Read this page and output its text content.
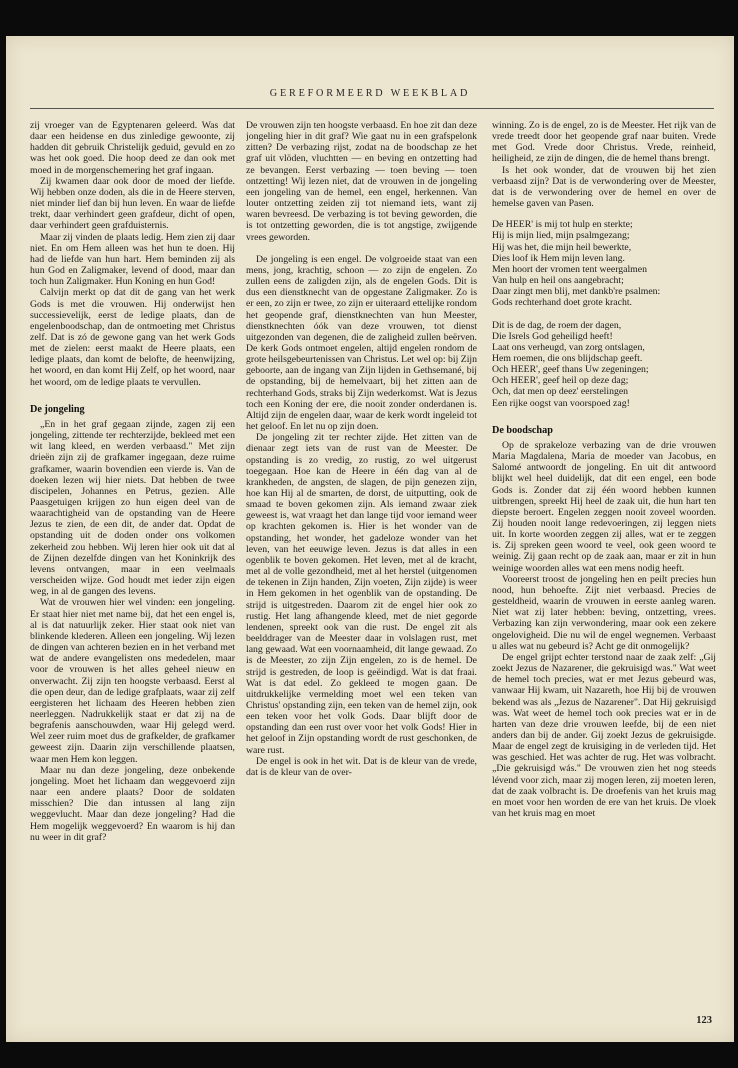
GEREFORMEERD WEEKBLAD

zij vroeger van de Egyptenaren geleerd. Was dat daar een heidense en dus zinledige gewoonte, zij hadden dit gebruik Christelijk geduid, gevuld en zo was het ook goed. Die hoop deed ze dan ook met moed in de morgenschemering het graf ingaan.

Zij kwamen daar ook door de moed der liefde. Wij hebben onze doden, als die in de Heere sterven, niet minder lief dan bij hun leven. En waar de liefde trekt, daar verhindert geen grafdeur, dicht of open, daar verhindert geen grafduisternis.

Maar zij vinden de plaats ledig. Hem zien zij daar niet. En om Hem alleen was het hun te doen. Hij had de liefde van hun hart. Hem beminden zij als hun God en Zaligmaker, levend of dood, maar dan toch hun Zaligmaker. Hun Koning en hun God!

Calvijn merkt op dat dit de gang van het werk Gods is met die vrouwen. Hij onderwijst hen successievelijk, eerst de ledige plaats, dan de engelenboodschap, dan de ontmoeting met Christus zelf. Dat is zó de gewone gang van het werk Gods met de zielen: eerst maakt de Heere plaats, een ledige plaats, dan komt de belofte, de heenwijzing, het woord, en dan komt Hij Zelf, op het woord, naar het woord, om de ledige plaats te vervullen.

De jongeling

„En in het graf gegaan zijnde, zagen zij een jongeling, zittende ter rechterzijde, bekleed met een wit lang kleed, en werden verbaasd." Met zijn drieën zijn zij de grafkamer ingegaan, deze ruime grafkamer, waarin bovendien een vierde is. Van de doeken lezen wij hier niets. Dat hebben de twee discipelen, Johannes en Petrus, gezien. Alle Paasgetuigen krijgen zo hun eigen deel van de waarachtigheid van de opstanding van de Heere Jezus te zien, de een dit, de ander dat. Opdat de opstanding uit de doden onder ons volkomen zekerheid zou hebben. Wij leren hier ook uit dat al de Zijnen dezelfde dingen van het Koninkrijk des levens ontvangen, maar in een veelmaals verscheiden wijze. God houdt met ieder zijn eigen weg, in al de gangen des levens.

Wat de vrouwen hier wel vinden: een jongeling. Er staat hier niet met name bij, dat het een engel is, al is dat natuurlijk zeker. Hier staat ook niet van blinkende klederen. Alleen een jongeling. Wij lezen de dingen van achteren bezien en in het verband met wat de andere evangelisten ons mededelen, maar voor de vrouwen is het alles geheel nieuw en onverwacht. Zij zijn ten hoogste verbaasd. Eerst al die open deur, dan de ledige grafplaats, waar zij zelf eergisteren het lichaam des Heeren hebben zien neerleggen. Nadrukkelijk staat er dat zij na de begrafenis aanschouwden, waar Hij gelegd werd. Wel zeer ruim moet dus de grafkelder, de grafkamer geweest zijn. Daarin zijn verschillende plaatsen, waar men Hem kon leggen.

Maar nu dan deze jongeling, deze onbekende jongeling. Moet het lichaam dan weggevoerd zijn naar een andere plaats? Door de soldaten misschien? Die dan intussen al lang zijn weggevlucht. Maar dan deze jongeling? Had die Hem mogelijk weggevoerd? En waarom is hij dan nu weer in dit graf?

De vrouwen zijn ten hoogste verbaasd. En hoe zit dan deze jongeling hier in dit graf? Wie gaat nu in een grafspelonk zitten? De verbazing rijst, zodat na de boodschap ze het graf uit vlöden, vluchtten — en beving en ontzetting had ze bevangen. Eerst verbazing — toen beving — toen ontzetting! Wij lezen niet, dat de vrouwen in de jongeling een jongeling van de hemel, een engel, herkennen. Van louter ontzetting zeiden zij tot niemand iets, want zij waren bevreesd. De verbazing is tot beving geworden, die is tot ontzetting geworden, die is tot angstige, zwijgende vrees geworden.

De jongeling is een engel. De volgroeide staat van een mens, jong, krachtig, schoon — zo zijn de engelen. Zo zullen eens de zaligden zijn, als de engelen Gods. Dit is dus een dienstknecht van de opgestane Zaligmaker. Zo is er een, zo zijn er twee, zo zijn er uiteraard ettelijke rondom het geopende graf, dienstknechten van hun Meester, dienstknechten óók van deze vrouwen, tot dienst uitgezonden van degenen, die de zaligheid zullen beërven. De kerk Gods ontmoet engelen, altijd engelen rondom de grote heilsgebeurtenissen van Christus. Let wel op: bij Zijn geboorte, aan de ingang van Zijn lijden in Gethsemané, bij de opstanding, bij de hemelvaart, bij het zitten aan de rechterhand Gods, straks bij Zijn wederkomst. Wat is Jezus toch een Koning der ere, die nooit zonder onderdanen is. Altijd zijn de engelen daar, waar de kerk wordt ingeleid tot het geloof. En let nu op zijn doen.

De jongeling zit ter rechter zijde. Het zitten van de dienaar zegt iets van de rust van de Meester. De opstanding is zo vredig, zo rustig, zo wel uitgerust toegegaan. Hoe kan de Heere in één dag van al de krankheden, de angsten, de slagen, de pijn genezen zijn, hoe kan Hij al de smarten, de dorst, de uitputting, ook de smaad te boven gekomen zijn. Als iemand zwaar ziek geweest is, wat vraagt het dan lange tijd voor iemand weer op krachten gekomen is. Hier is het wonder van de opstanding, het wonder, het gadeloze wonder van het leven, van het eeuwige leven. Jezus is dat alles in een ogenblik te boven gekomen. Het leven, met al de kracht, met al de volle gezondheid, met al het herstel (uitgenomen de tekenen in Zijn handen, Zijn voeten, Zijn zijde) is weer in Hem gekomen in het ogenblik van de opstanding. De strijd is uitgestreden. Daarom zit de engel hier ook zo rustig. Het lang afhangende kleed, met de niet gegorde lendenen, spreekt ook van die rust. De engel zit als beelddrager van de Meester daar in volslagen rust, met lang gewaad. Wat een voornaamheid, dit lange gewaad. Zo is de Meester, zo zijn Zijn engelen, zo is de hemel. De strijd is gestreden, de loop is geëindigd. Wat is dat fraai. Wat is dat edel. Zo gekleed te mogen gaan. De uitdrukkelijke vermelding moet wel een teken van Christus' opstanding zijn, een teken van de hemel zijn, ook een teken voor het volk Gods. Daar blijft door de opstanding dan een rust over voor het volk Gods! Hier in het geloof in Zijn opstanding wordt de rust geschonken, de ware rust.

De engel is ook in het wit. Dat is de kleur van de vrede, dat is de kleur van de over-

winning. Zo is de engel, zo is de Meester. Het rijk van de vrede treedt door het geopende graf naar buiten. Vrede met God. Vrede door Christus. Vrede, reinheid, heiligheid, ze zijn de dingen, die de hemel thans brengt.

Is het ook wonder, dat de vrouwen bij het zien verbaasd zijn? Dat is de verwondering over de Meester, dat is de verwondering over de hemel en over de hemelse gaven van Pasen.

De HEER' is mij tot hulp en sterkte;
Hij is mijn lied, mijn psalmgezang;
Hij was het, die mijn heil bewerkte,
Dies loof ik Hem mijn leven lang.
Men hoort der vromen tent weergalmen
Van hulp en heil ons aangebracht;
Daar zingt men blij, met dankb're psalmen:
Gods rechterhand doet grote kracht.
Dit is de dag, de roem der dagen,
Die Isrels God geheiligd heeft!
Laat ons verheugd, van zorg ontslagen,
Hem roemen, die ons blijdschap geeft.
Och HEER', geef thans Uw zegeningen;
Och HEER', geef heil op deze dag;
Och, dat men op deez' eerstelingen
Een rijke oogst van voorspoed zag!
De boodschap

Op de sprakeloze verbazing van de drie vrouwen Maria Magdalena, Maria de moeder van Jacobus, en Salomé antwoordt de jongeling. En uit dit antwoord blijkt wel heel duidelijk, dat dit een engel, een bode Gods is. Zonder dat zij één woord hebben kunnen uitbrengen, spreekt Hij heel de zaak uit, die hun hart ten diepste beroert. Engelen zeggen nooit zoveel woorden. Zij houden nooit lange redevoeringen, zij leggen niets uit. In korte woorden zeggen zij alles, wat er te zeggen is. Zij spreken geen woord te veel, ook geen woord te weinig. Zij gaan recht op de zaak aan, maar er zit in hun weinige woorden alles wat een mens nodig heeft.

Vooreerst troost de jongeling hen en peilt precies hun nood, hun behoefte. Zijt niet verbaasd. Precies de gesteldheid, waarin de vrouwen in eerste aanleg waren. Niet wat zij later hebben: beving, ontzetting, vrees. Verbazing kan zijn verwondering, maar ook een zekere ongelovigheid. Die nu wil de engel wegnemen. Verbaast u alles wat nu gebeurd is? Acht ge dit onmogelijk?

De engel grijpt echter terstond naar de zaak zelf: „Gij zoekt Jezus de Nazarener, die gekruisigd was." Wat weet de hemel toch precies, wat er met Jezus gebeurd was, vanwaar Hij kwam, uit Nazareth, hoe Hij bij de vrouwen bekend was als „Jezus de Nazarener". Dat Hij gekruisigd was. Wat weet de hemel toch ook precies wat er in de harten van deze drie vrouwen leefde, bij de een niet anders dan bij de ander. Gij zoekt Jezus de gekruisigde. Maar de engel zegt de kruisiging in de verleden tijd. Het was geschied. Het was achter de rug. Het was volbracht. „Die gekruisigd wás." De vrouwen zien het nog steeds lévend voor zich, maar zij mogen leren, zij moeten leren, dat de zaak volbracht is. De droefenis van het kruis mag en moet voor hen worden de ere van het kruis. De vloek van het kruis mag en moet

123
